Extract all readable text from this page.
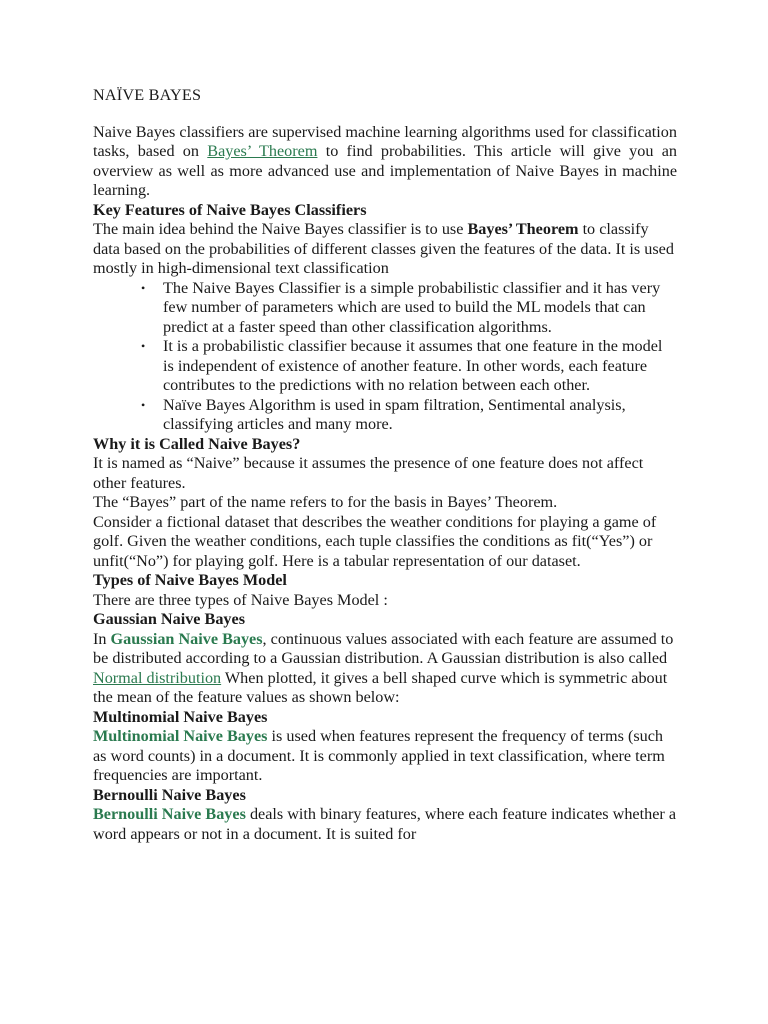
NAÏVE BAYES

Naive Bayes classifiers are supervised machine learning algorithms used for classification tasks, based on Bayes’ Theorem to find probabilities. This article will give you an overview as well as more advanced use and implementation of Naive Bayes in machine learning.

Key Features of Naive Bayes Classifiers

The main idea behind the Naive Bayes classifier is to use Bayes’ Theorem to classify data based on the probabilities of different classes given the features of the data. It is used mostly in high-dimensional text classification

• The Naive Bayes Classifier is a simple probabilistic classifier and it has very few number of parameters which are used to build the ML models that can predict at a faster speed than other classification algorithms.
• It is a probabilistic classifier because it assumes that one feature in the model is independent of existence of another feature. In other words, each feature contributes to the predictions with no relation between each other.
• Naïve Bayes Algorithm is used in spam filtration, Sentimental analysis, classifying articles and many more.

Why it is Called Naive Bayes?

It is named as “Naive” because it assumes the presence of one feature does not affect other features.

The “Bayes” part of the name refers to for the basis in Bayes’ Theorem.

Consider a fictional dataset that describes the weather conditions for playing a game of golf. Given the weather conditions, each tuple classifies the conditions as fit(“Yes”) or unfit(“No”) for playing golf. Here is a tabular representation of our dataset.

Types of Naive Bayes Model

There are three types of Naive Bayes Model :

Gaussian Naive Bayes

In Gaussian Naive Bayes, continuous values associated with each feature are assumed to be distributed according to a Gaussian distribution. A Gaussian distribution is also called Normal distribution When plotted, it gives a bell shaped curve which is symmetric about the mean of the feature values as shown below:

Multinomial Naive Bayes

Multinomial Naive Bayes is used when features represent the frequency of terms (such as word counts) in a document. It is commonly applied in text classification, where term frequencies are important.

Bernoulli Naive Bayes

Bernoulli Naive Bayes deals with binary features, where each feature indicates whether a word appears or not in a document. It is suited for
